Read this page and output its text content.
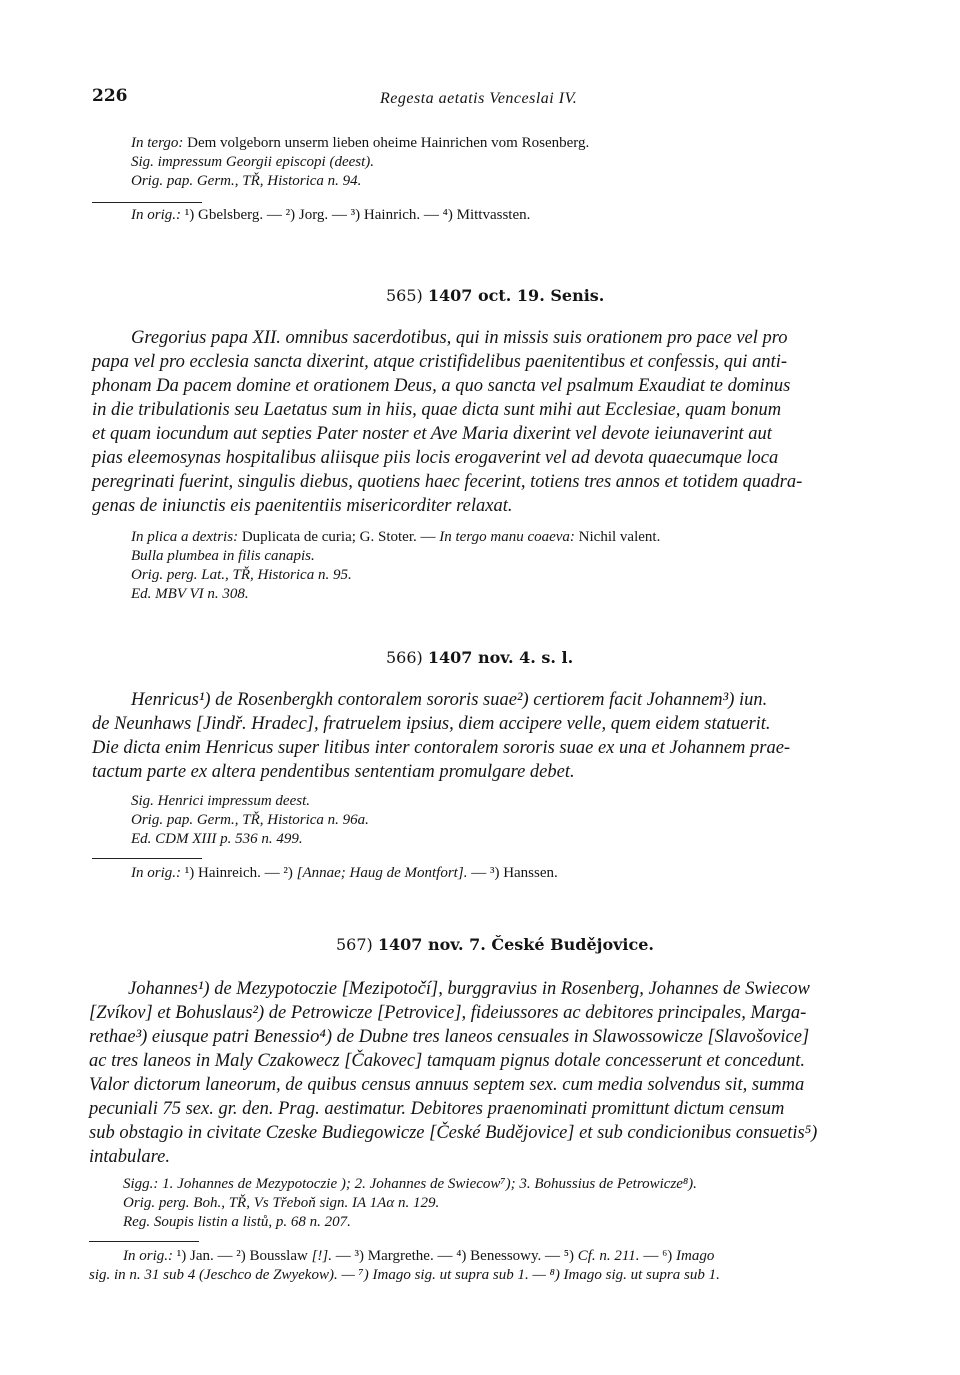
226	Regesta aetatis Venceslai IV.
In tergo: Dem volgeborn unserm lieben oheime Hainrichen vom Rosenberg.
Sig. impressum Georgii episcopi (deest).
Orig. pap. Germ., TŘ, Historica n. 94.
In orig.: ¹) Gbelsberg. — ²) Jorg. — ³) Hainrich. — ⁴) Mittvassten.
565) 1407 oct. 19. Senis.
Gregorius papa XII. omnibus sacerdotibus, qui in missis suis orationem pro pace vel pro
papa vel pro ecclesia sancta dixerint, atque cristifidelibus paenitentibus et confessis, qui anti-
phonam Da pacem domine et orationem Deus, a quo sancta vel psalmum Exaudiat te dominus
in die tribulationis seu Laetatus sum in hiis, quae dicta sunt mihi aut Ecclesiae, quam bonum
et quam iocundum aut septies Pater noster et Ave Maria dixerint vel devote ieiunaverint aut
pias eleemosynas hospitalibus aliisque piis locis erogaverint vel ad devota quaecumque loca
peregrinati fuerint, singulis diebus, quotiens haec fecerint, totiens tres annos et totidem quadra-
genas de iniunctis eis paenitentiis misericorditer relaxat.
In plica a dextris: Duplicata de curia; G. Stoter. — In tergo manu coaeva: Nichil valent.
Bulla plumbea in filis canapis.
Orig. perg. Lat., TŘ, Historica n. 95.
Ed. MBV VI n. 308.
566) 1407 nov. 4. s. l.
Henricus¹) de Rosenbergkh contoralem sororis suae²) certiorem facit Johannem³) iun.
de Neunhaws [Jindř. Hradec], fratruelem ipsius, diem accipere velle, quem eidem statuerit.
Die dicta enim Henricus super litibus inter contoralem sororis suae ex una et Johannem prae-
tactum parte ex altera pendentibus sententiam promulgare debet.
Sig. Henrici impressum deest.
Orig. pap. Germ., TŘ, Historica n. 96a.
Ed. CDM XIII p. 536 n. 499.
In orig.: ¹) Hainreich. — ²) [Annae; Haug de Montfort]. — ³) Hanssen.
567) 1407 nov. 7. České Budějovice.
Johannes¹) de Mezypotoczie [Mezipotočí], burggravius in Rosenberg, Johannes de Swiecow
[Zvíkov] et Bohuslaus²) de Petrowicze [Petrovice], fideiussores ac debitores principales, Marga-
rethae³) eiusque patri Benessio⁴) de Dubne tres laneos censuales in Slawossowicze [Slavošovice]
ac tres laneos in Maly Czakowecz [Čakovec] tamquam pignus dotale concesserunt et concedunt.
Valor dictorum laneorum, de quibus census annuus septem sex. cum media solvendus sit, summa
pecuniali 75 sex. gr. den. Prag. aestimatur. Debitores praenominati promittunt dictum censum
sub obstagio in civitate Czeske Budiegowicze [České Budějovice] et sub condicionibus consuetis⁵)
intabulare.
Sigg.: 1. Johannes de Mezypotoczie ); 2. Johannes de Swiecow⁷); 3. Bohussius de Petrowicze⁸).
Orig. perg. Boh., TŘ, Vs Třeboň sign. IA 1Aα n. 129.
Reg. Soupis listin a listů, p. 68 n. 207.
In orig.: ¹) Jan. — ²) Bousslaw [!]. — ³) Margrethe. — ⁴) Benessowy. — ⁵) Cf. n. 211. — ⁶) Imago
sig. in n. 31 sub 4 (Jeschco de Zwyekow). — ⁷) Imago sig. ut supra sub 1. — ⁸) Imago sig. ut supra sub 1.
